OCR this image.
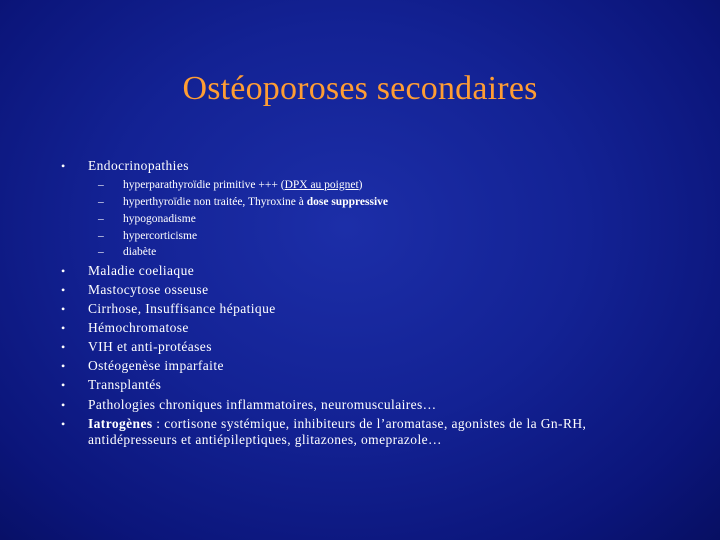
Ostéoporoses secondaires
• Endocrinopathies
– hyperparathyroïdie primitive +++ (DPX au poignet)
– hyperthyroïdie non traitée, Thyroxine à dose suppressive
– hypogonadisme
– hypercorticisme
– diabète
• Maladie coeliaque
• Mastocytose osseuse
• Cirrhose, Insuffisance hépatique
• Hémochromatose
• VIH et anti-protéases
• Ostéogenèse imparfaite
• Transplantés
• Pathologies chroniques inflammatoires, neuromusculaires…
• Iatrogènes : cortisone systémique, inhibiteurs de l’aromatase, agonistes de la Gn-RH,
antidépresseurs et antiépileptiques, glitazones, omeprazole…
